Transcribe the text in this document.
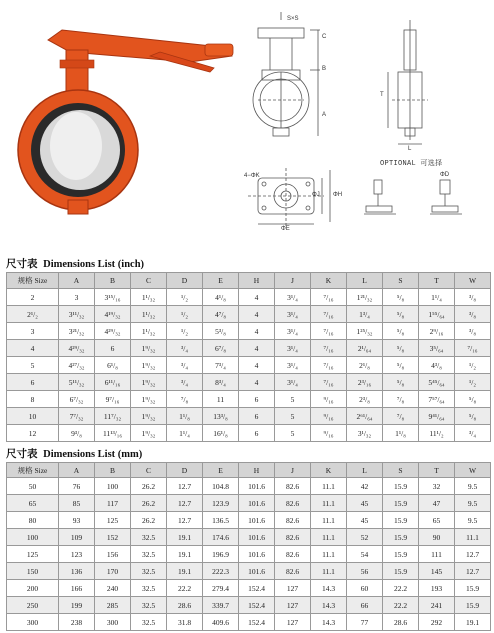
S×S
C
B
A
T
L
4−ΦK
ΦJ ΦH
ΦE
ΦD
OPTIONAL 可选择
尺寸表 Dimensions List (inch)
规格 Size	A	B	C	D	E	H	J	K	L	S	T	W
2	3	3¹⁵/₁₆	1¹/₃₂	¹/₂	4¹/₈	4	3¹/₄	⁷/₁₆	1²¹/₃₂	⁵/₈	1¹/₄	³/₈
2¹/₂	3¹¹/₃₂	4¹⁹/₃₂	1¹/₃₂	¹/₂	4⁷/₈	4	3¹/₄	⁷/₁₆	1³/₄	⁵/₈	1⁵⁵/₆₄	³/₈
3	3²¹/₃₂	4²⁹/₃₂	1¹/₃₂	¹/₂	5³/₈	4	3¹/₄	⁷/₁₆	1²⁵/₃₂	⁵/₈	2⁹/₁₆	³/₈
4	4²⁹/₃₂	6	1⁹/₃₂	³/₄	6⁷/₈	4	3¹/₄	⁷/₁₆	2¹/₆₄	⁵/₈	3⁵/₆₄	⁷/₁₆
5	4²⁷/₃₂	6¹/₈	1⁹/₃₂	³/₄	7³/₄	4	3¹/₄	⁷/₁₆	2¹/₈	⁵/₈	4³/₈	¹/₂
6	5¹¹/₃₂	6¹¹/₁₆	1⁹/₃₂	³/₄	8³/₄	4	3¹/₄	⁷/₁₆	2³/₁₆	⁵/₈	5⁴⁵/₆₄	¹/₂
8	6⁷/₃₂	9⁷/₁₆	1⁹/₃₂	⁷/₈	11	6	5	⁹/₁₆	2³/₈	⁷/₈	7⁵⁷/₆₄	⁵/₈
10	7⁷/₃₂	11⁷/₃₂	1⁹/₃₂	1¹/₈	13³/₈	6	5	⁹/₁₆	2⁶¹/₆₄	⁷/₈	9⁴¹/₆₄	⁵/₈
12	9³/₈	11¹³/₁₆	1⁹/₃₂	1¹/₄	16¹/₈	6	5	⁹/₁₆	3¹/₃₂	1¹/₈	11¹/₂	³/₄
尺寸表 Dimensions List (mm)
规格 Size	A	B	C	D	E	H	J	K	L	S	T	W
50	76	100	26.2	12.7	104.8	101.6	82.6	11.1	42	15.9	32	9.5
65	85	117	26.2	12.7	123.9	101.6	82.6	11.1	45	15.9	47	9.5
80	93	125	26.2	12.7	136.5	101.6	82.6	11.1	45	15.9	65	9.5
100	109	152	32.5	19.1	174.6	101.6	82.6	11.1	52	15.9	90	11.1
125	123	156	32.5	19.1	196.9	101.6	82.6	11.1	54	15.9	111	12.7
150	136	170	32.5	19.1	222.3	101.6	82.6	11.1	56	15.9	145	12.7
200	166	240	32.5	22.2	279.4	152.4	127	14.3	60	22.2	193	15.9
250	199	285	32.5	28.6	339.7	152.4	127	14.3	66	22.2	241	15.9
300	238	300	32.5	31.8	409.6	152.4	127	14.3	77	28.6	292	19.1
